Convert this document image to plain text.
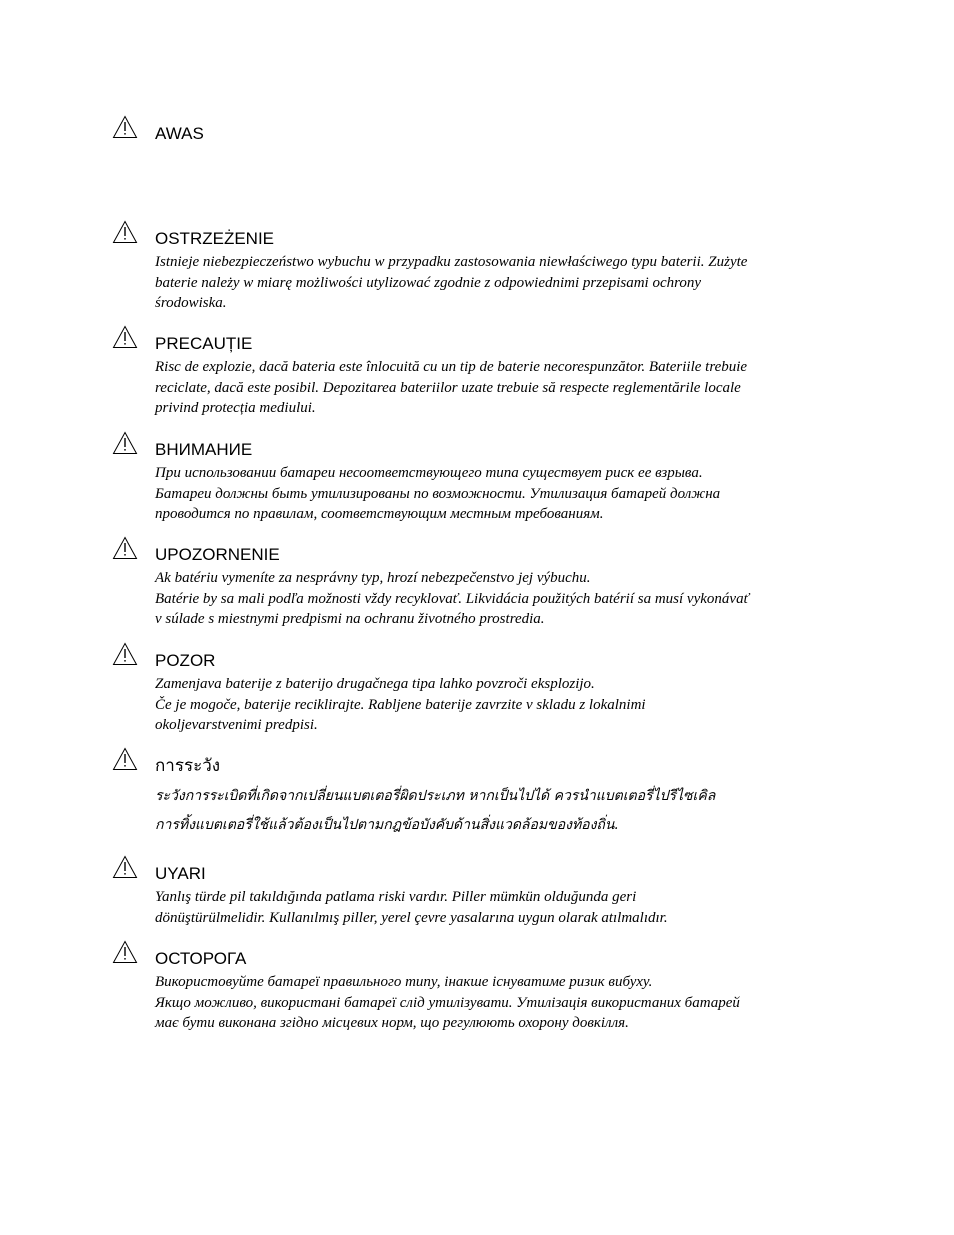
AWAS
OSTRZEŻENIE
Istnieje niebezpieczeństwo wybuchu w przypadku zastosowania niewłaściwego typu baterii. Zużyte
baterie należy w miarę możliwości utylizować zgodnie z odpowiednimi przepisami ochrony
środowiska.
PRECAUȚIE
Risc de explozie, dacă bateria este înlocuită cu un tip de baterie necorespunzător. Bateriile trebuie
reciclate, dacă este posibil. Depozitarea bateriilor uzate trebuie să respecte reglementările locale
privind protecția mediului.
ВНИМАНИЕ
При использовании батареи несоответствующего типа существует риск ее взрыва.
Батареи должны быть утилизированы по возможности. Утилизация батарей должна
проводится по правилам, соответствующим местным требованиям.
UPOZORNENIE
Ak batériu vymeníte za nesprávny typ, hrozí nebezpečenstvo jej výbuchu.
Batérie by sa mali podľa možnosti vždy recyklovať. Likvidácia použitých batérií sa musí vykonávať
v súlade s miestnymi predpismi na ochranu životného prostredia.
POZOR
Zamenjava baterije z baterijo drugačnega tipa lahko povzroči eksplozijo.
Če je mogoče, baterije reciklirajte. Rabljene baterije zavrzite v skladu z lokalnimi
okoljevarstvenimi predpisi.
การระวัง
ระวังการระเบิดที่เกิดจากเปลี่ยนแบตเตอรี่ผิดประเภท หากเป็นไปได้ ควรนำแบตเตอรี่ไปรีไซเคิล
การทิ้งแบตเตอรี่ใช้แล้วต้องเป็นไปตามกฎข้อบังคับด้านสิ่งแวดล้อมของท้องถิ่น.
UYARI
Yanlış türde pil takıldığında patlama riski vardır. Piller mümkün olduğunda geri
dönüştürülmelidir. Kullanılmış piller, yerel çevre yasalarına uygun olarak atılmalıdır.
ОСТОРОГА
Використовуйте батареї правильного типу, інакше існуватиме ризик вибуху.
Якщо можливо, використані батареї слід утилізувати. Утилізація використаних батарей
має бути виконана згідно місцевих норм, що регулюють охорону довкілля.
